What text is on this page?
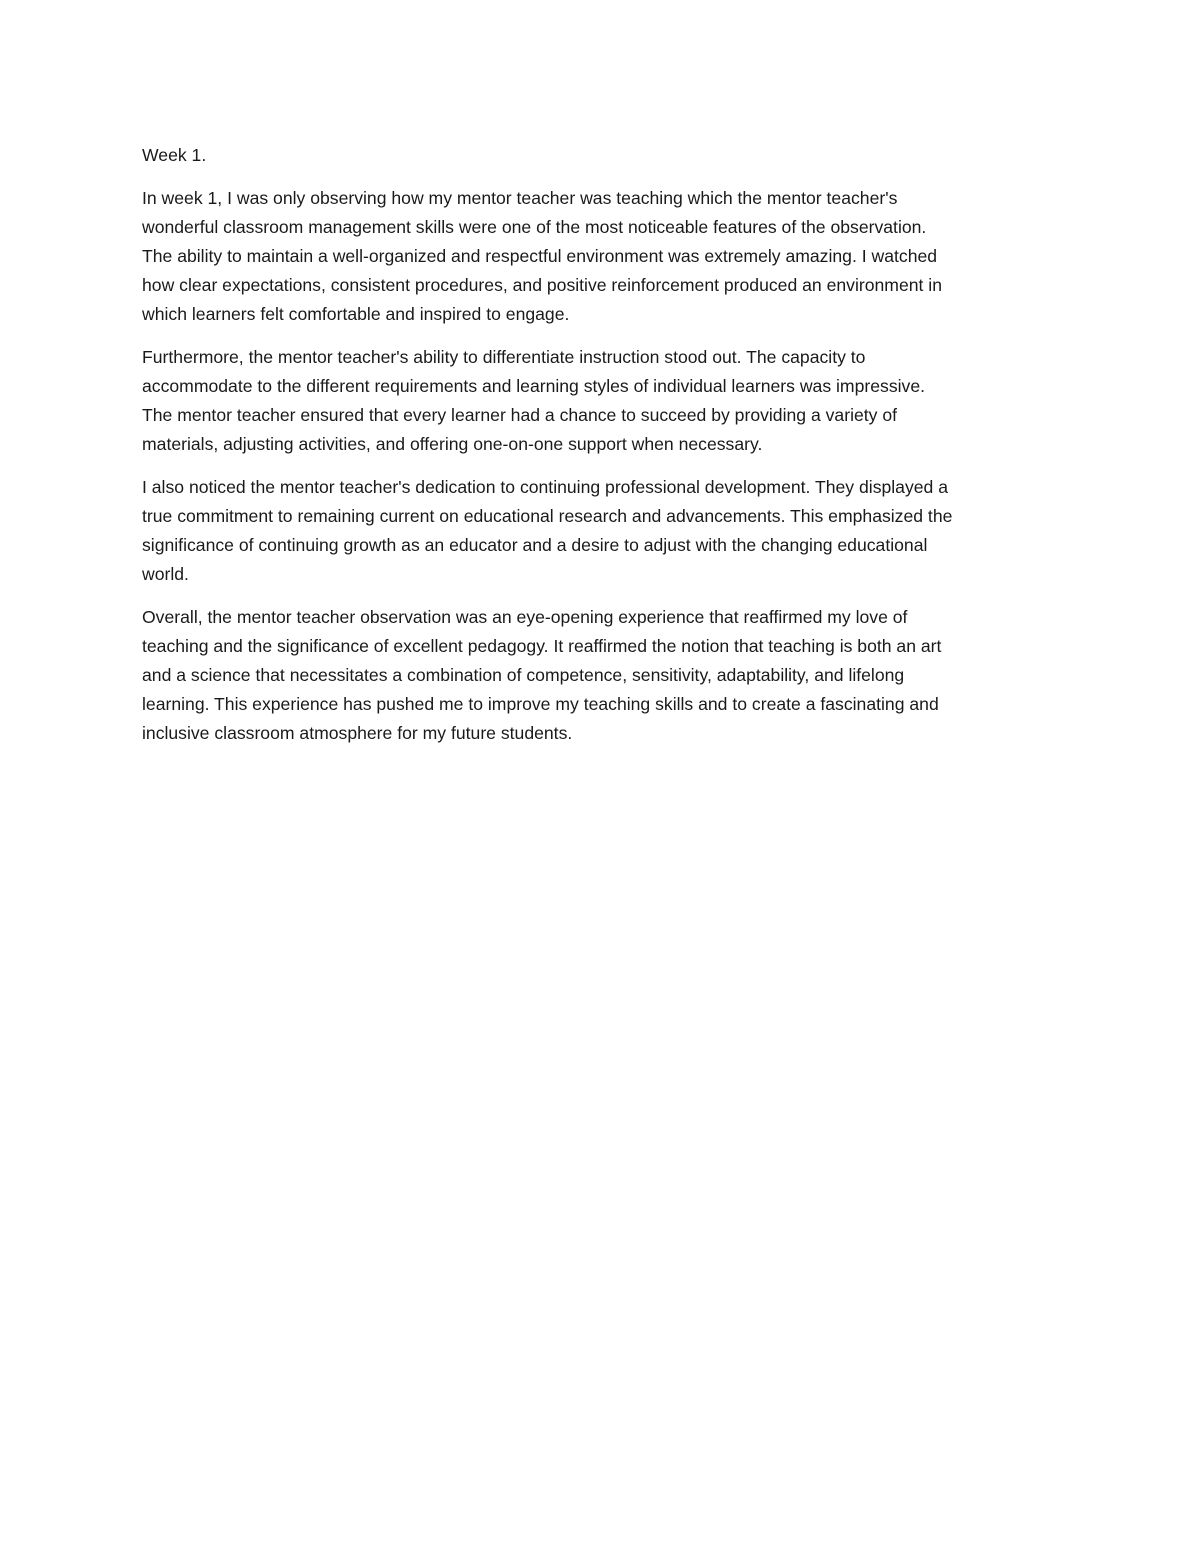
Week 1.

In week 1, I was only observing how my mentor teacher was teaching which the mentor teacher's
wonderful classroom management skills were one of the most noticeable features of the observation.
The ability to maintain a well-organized and respectful environment was extremely amazing. I watched
how clear expectations, consistent procedures, and positive reinforcement produced an environment in
which learners felt comfortable and inspired to engage.

Furthermore, the mentor teacher's ability to differentiate instruction stood out. The capacity to
accommodate to the different requirements and learning styles of individual learners was impressive.
The mentor teacher ensured that every learner had a chance to succeed by providing a variety of
materials, adjusting activities, and offering one-on-one support when necessary.

I also noticed the mentor teacher's dedication to continuing professional development. They displayed a
true commitment to remaining current on educational research and advancements. This emphasized the
significance of continuing growth as an educator and a desire to adjust with the changing educational
world.

Overall, the mentor teacher observation was an eye-opening experience that reaffirmed my love of
teaching and the significance of excellent pedagogy. It reaffirmed the notion that teaching is both an art
and a science that necessitates a combination of competence, sensitivity, adaptability, and lifelong
learning. This experience has pushed me to improve my teaching skills and to create a fascinating and
inclusive classroom atmosphere for my future students.
